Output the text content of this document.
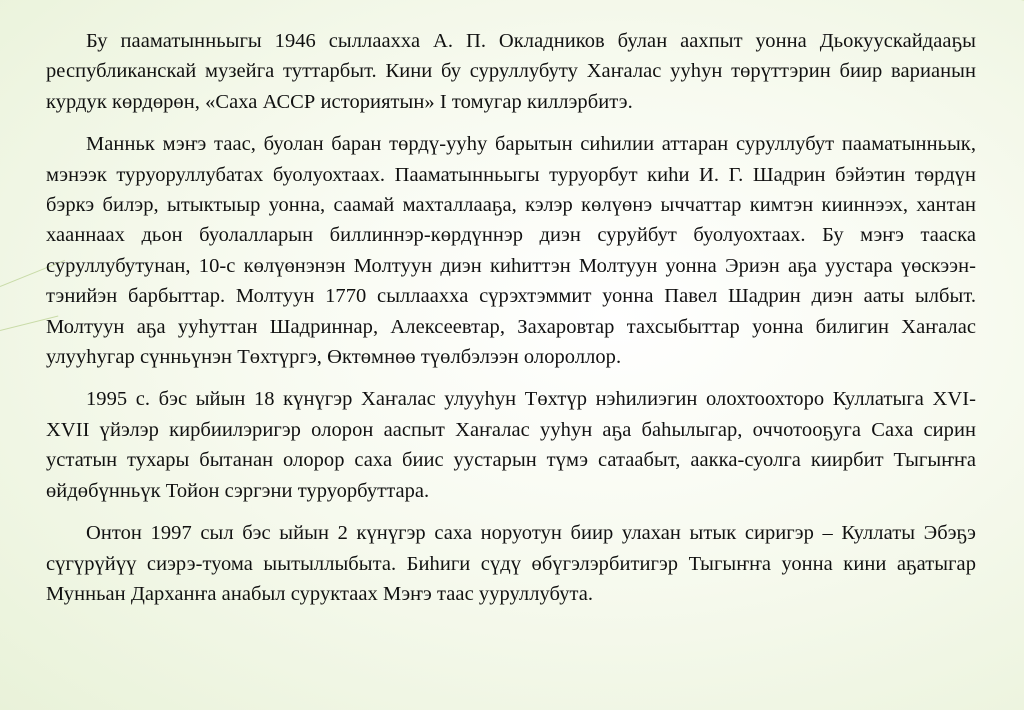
Бу пааматынньыгы 1946 сыллаахха А. П. Окладников булан аахпыт уонна Дьокуускайдааҕы республиканскай музейга туттарбыт. Кини бу суруллубуту Хаҥалас ууһун төрүттэрин биир варианын курдук көрдөрөн, «Саха АССР историятын» I томугар киллэрбитэ.

Манньк мэҥэ таас, буолан баран төрдү-ууһу барытын сиһилии аттаран суруллубут пааматынньык, мэнээк туруоруллубатах буолуохтаах. Пааматынньыгы туруорбут киһи И. Г. Шадрин бэйэтин төрдүн бэркэ билэр, ытыктыыр уонна, саамай махталлааҕа, кэлэр көлүөнэ ыччаттар кимтэн кииннээх, хантан хааннаах дьон буолалларын биллиннэр-көрдүннэр диэн суруйбут буолуохтаах. Бу мэҥэ тааска суруллубутунан, 10-с көлүөнэнэн Молтуун диэн киһиттэн Молтуун уонна Эриэн аҕа уустара үөскээн-тэнийэн барбыттар. Молтуун 1770 сыллаахха сүрэхтэммит уонна Павел Шадрин диэн ааты ылбыт. Молтуун аҕа ууһуттан Шадриннар, Алексеевтар, Захаровтар тахсыбыттар уонна билигин Хаҥалас улууһугар сүнньүнэн Төхтүргэ, Өктөмнөө түөлбэлээн олороллор.

1995 с. бэс ыйын 18 күнүгэр Хаҥалас улууһун Төхтүр нэһилиэгин олохтоохторо Куллатыга XVI-XVII үйэлэр кирбиилэригэр олорон ааспыт Хаҥалас ууһун аҕа баһылыгар, оччотооҕуга Саха сирин устатын тухары бытанан олорор саха биис уустарын түмэ сатаабыт, аакка-суолга киирбит Тыгыҥҥа өйдөбүнньүк Тойон сэргэни туруорбуттара.

Онтон 1997 сыл бэс ыйын 2 күнүгэр саха норуотун биир улахан ытык сиригэр – Куллаты Эбэҕэ сүгүрүйүү сиэрэ-туома ыытыллыбыта. Биһиги сүдү өбүгэлэрбитигэр Тыгыҥҥа уонна кини аҕатыгар Мунньан Дарханҥа анабыл суруктаах Мэҥэ таас ууруллубута.
